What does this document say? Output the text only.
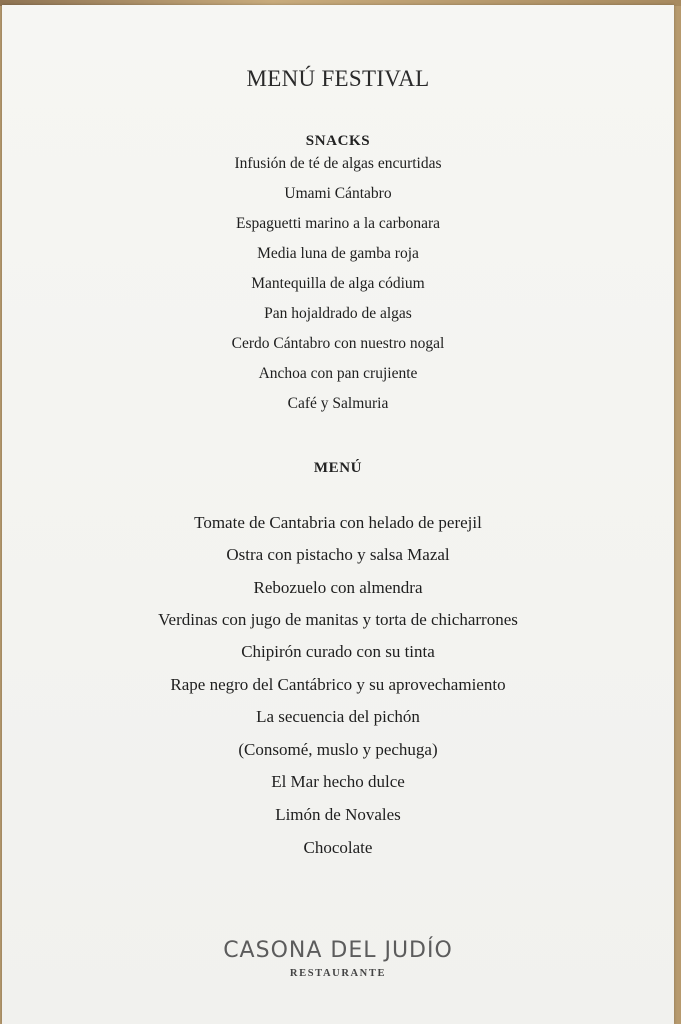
MENÚ FESTIVAL
SNACKS
Infusión de té de algas encurtidas
Umami Cántabro
Espaguetti marino a la carbonara
Media luna de gamba roja
Mantequilla de alga códium
Pan hojaldrado de algas
Cerdo Cántabro con nuestro nogal
Anchoa con pan crujiente
Café y Salmuria
MENÚ
Tomate de Cantabria con helado de perejil
Ostra con pistacho y salsa Mazal
Rebozuelo con almendra
Verdinas con jugo de manitas y torta de chicharrones
Chipirón curado con su tinta
Rape negro del Cantábrico y su aprovechamiento
La secuencia del pichón
(Consomé, muslo y pechuga)
El Mar hecho dulce
Limón de Novales
Chocolate
CASONA DEL JUDÍO
RESTAURANTE
